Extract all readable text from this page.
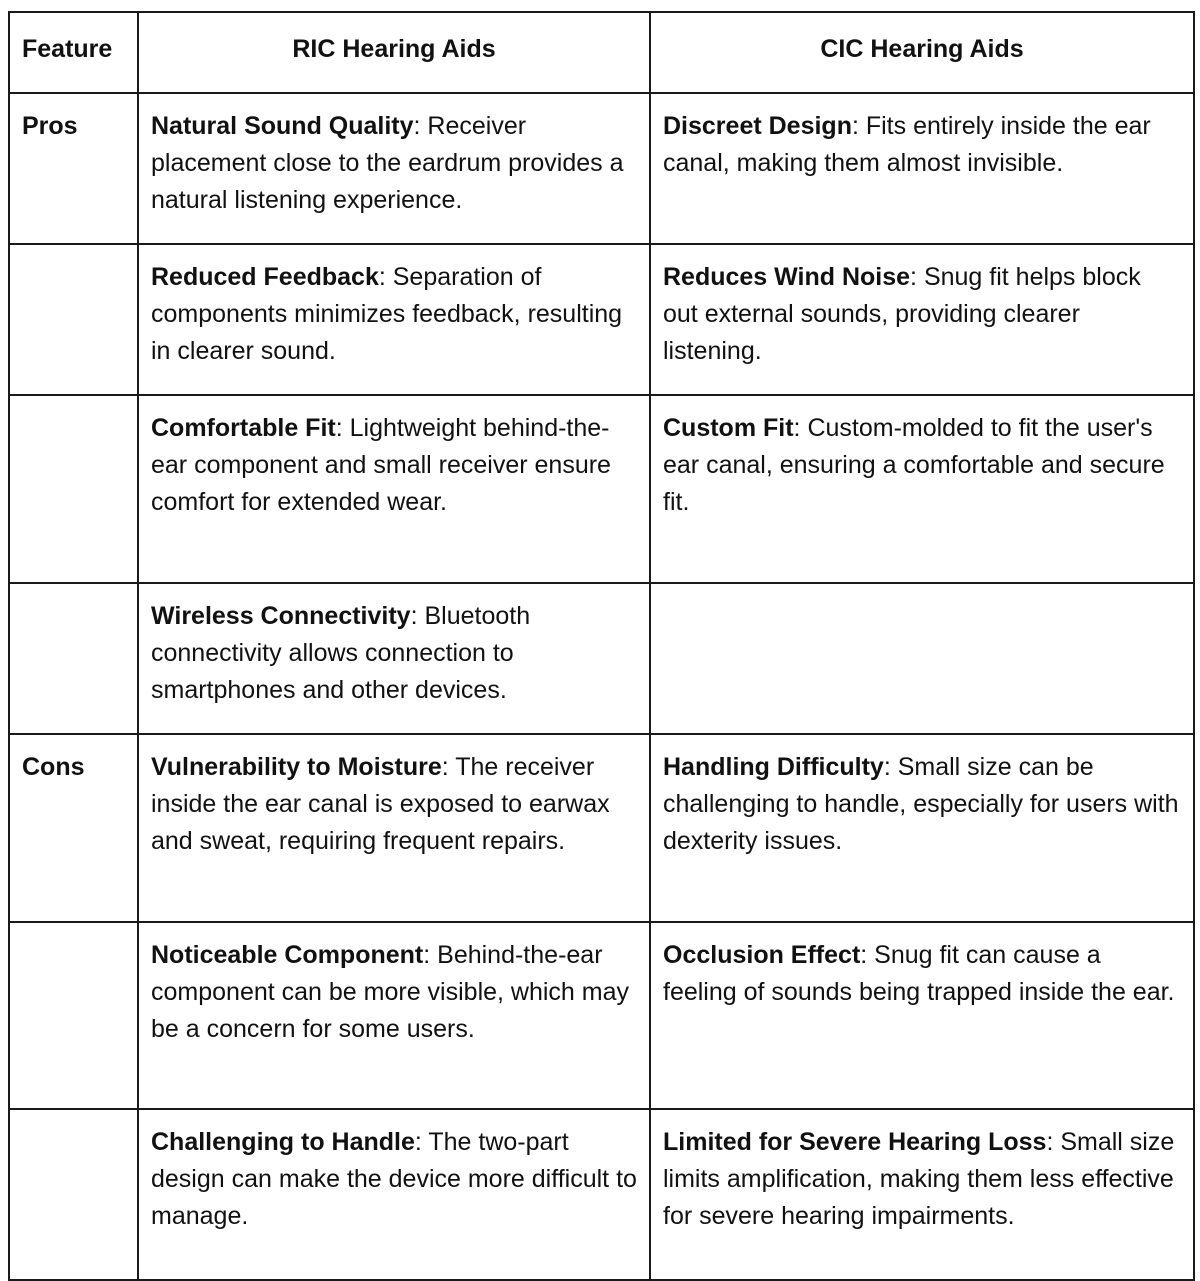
Feature	RIC Hearing Aids	CIC Hearing Aids
Pros	Natural Sound Quality: Receiver placement close to the eardrum provides a natural listening experience.	Discreet Design: Fits entirely inside the ear canal, making them almost invisible.
	Reduced Feedback: Separation of components minimizes feedback, resulting in clearer sound.	Reduces Wind Noise: Snug fit helps block out external sounds, providing clearer listening.
	Comfortable Fit: Lightweight behind-the-ear component and small receiver ensure comfort for extended wear.	Custom Fit: Custom-molded to fit the user's ear canal, ensuring a comfortable and secure fit.
	Wireless Connectivity: Bluetooth connectivity allows connection to smartphones and other devices.	
Cons	Vulnerability to Moisture: The receiver inside the ear canal is exposed to earwax and sweat, requiring frequent repairs.	Handling Difficulty: Small size can be challenging to handle, especially for users with dexterity issues.
	Noticeable Component: Behind-the-ear component can be more visible, which may be a concern for some users.	Occlusion Effect: Snug fit can cause a feeling of sounds being trapped inside the ear.
	Challenging to Handle: The two-part design can make the device more difficult to manage.	Limited for Severe Hearing Loss: Small size limits amplification, making them less effective for severe hearing impairments.
